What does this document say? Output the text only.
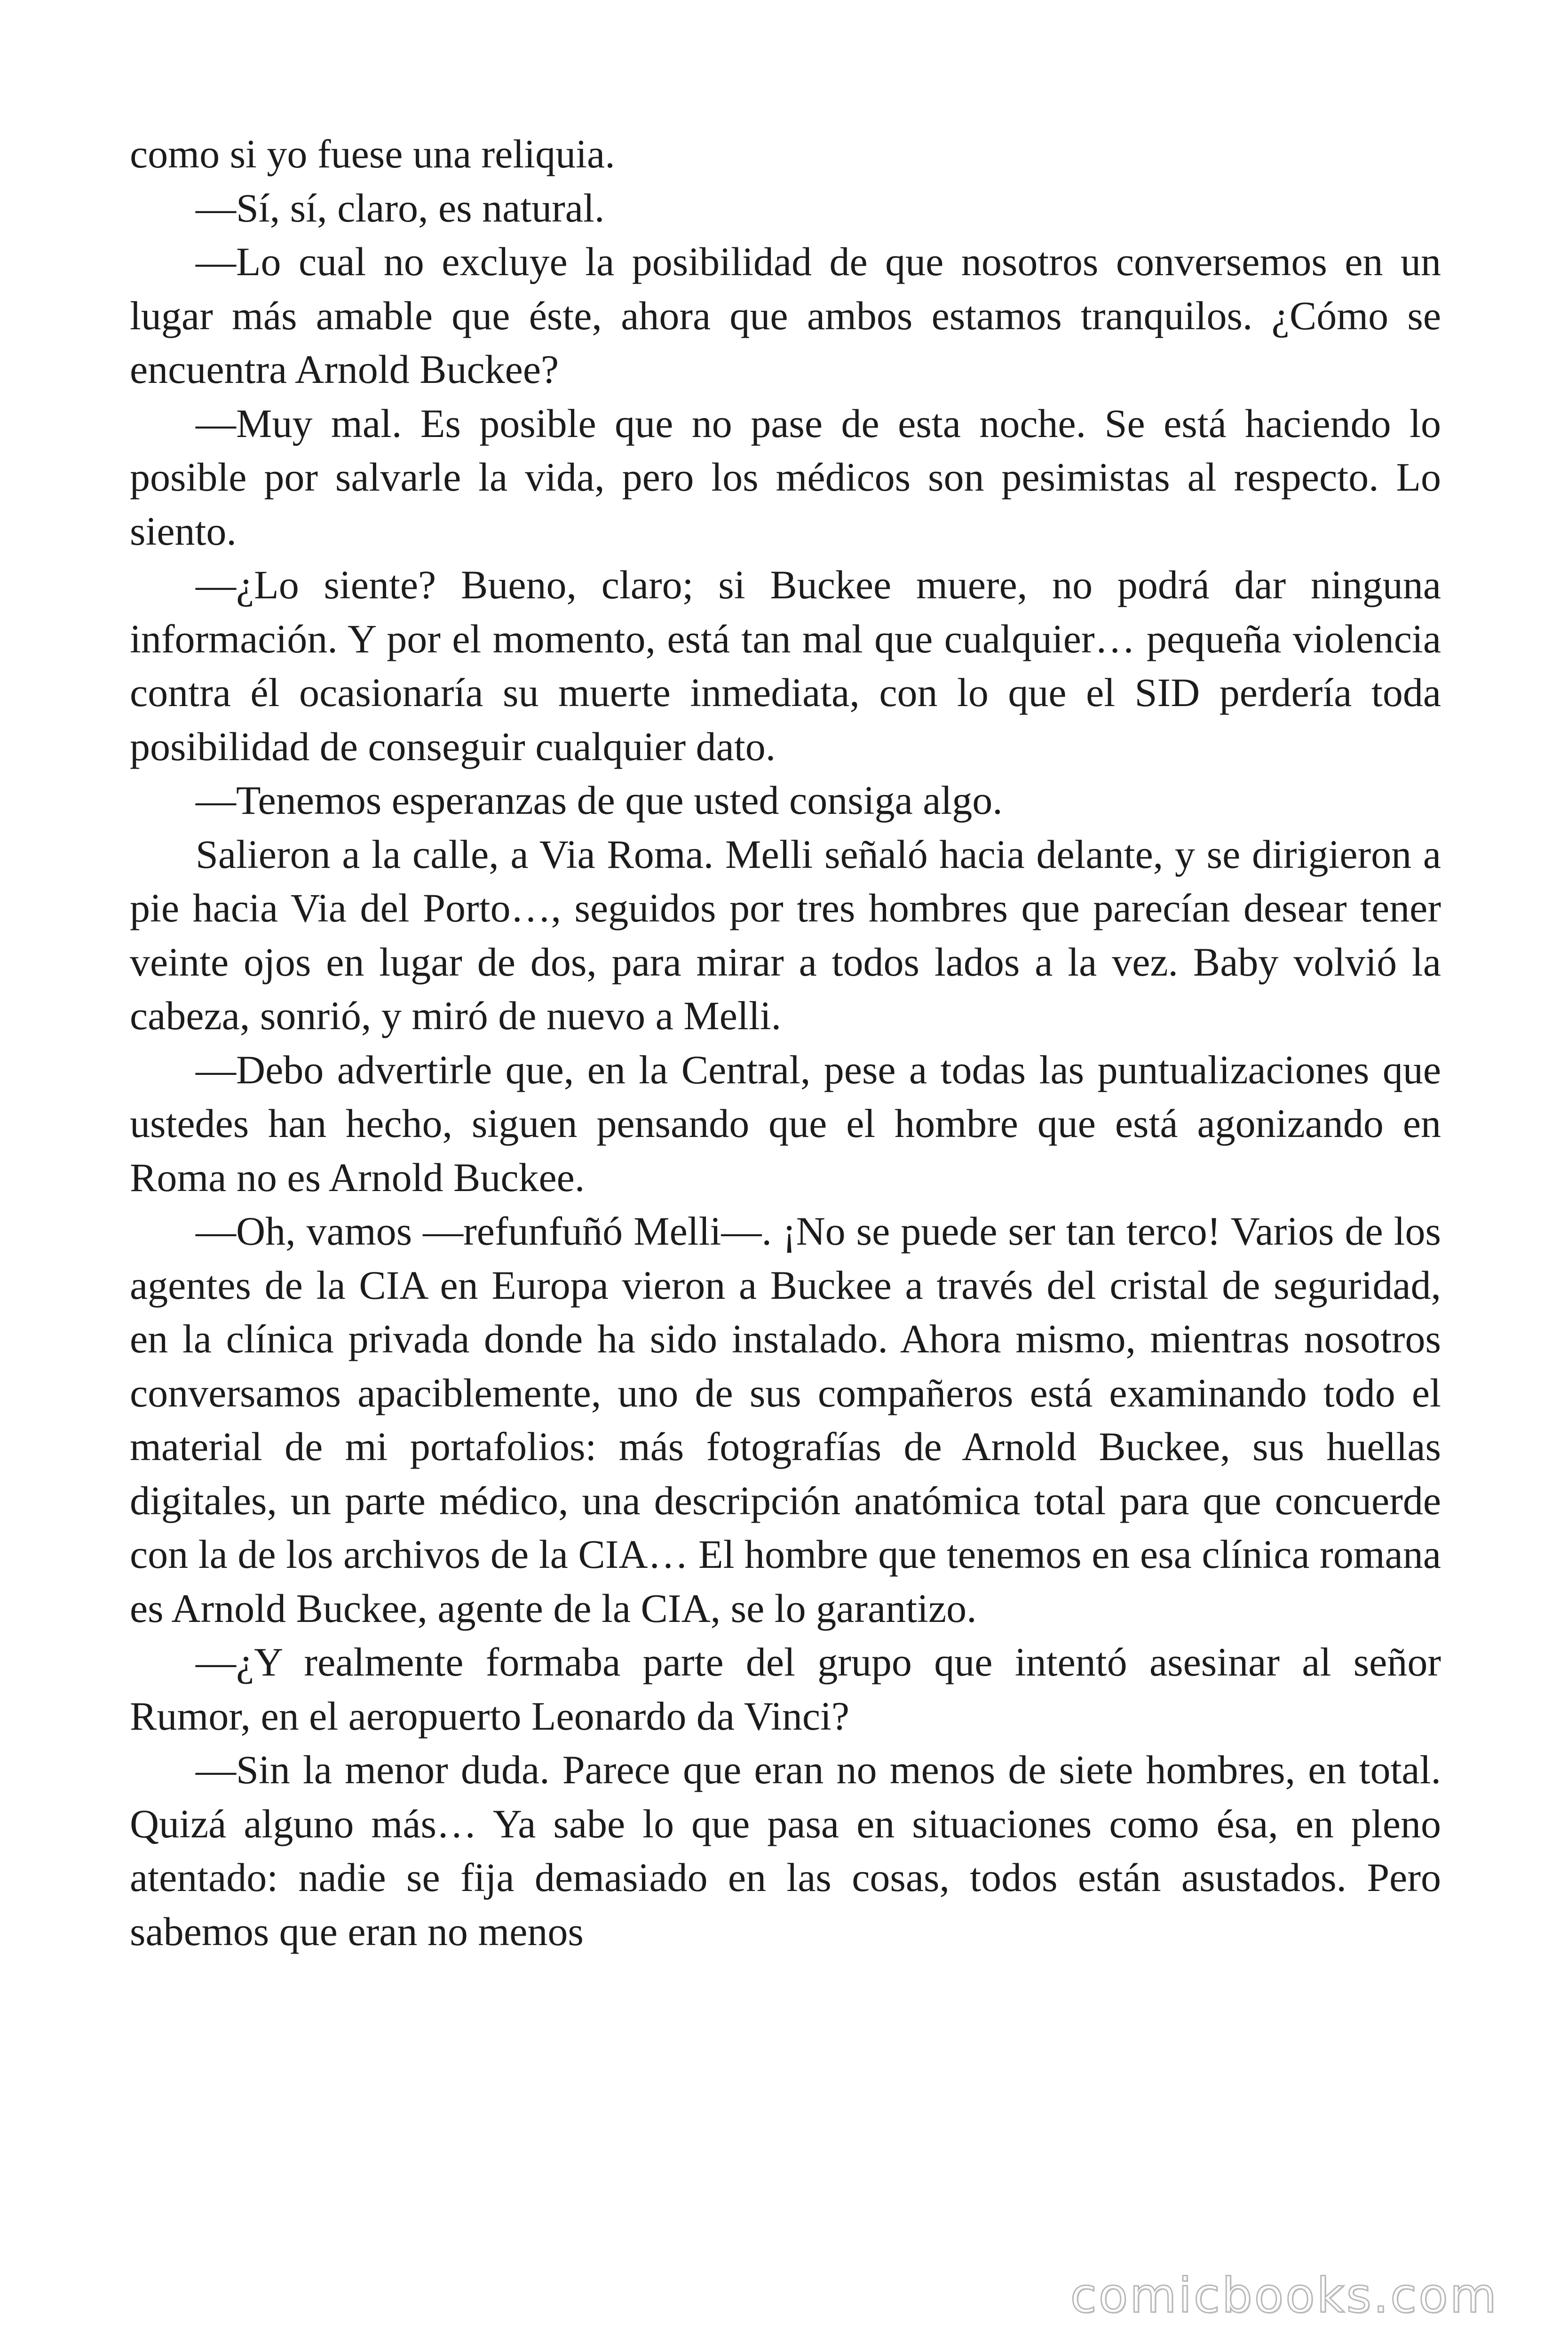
como si yo fuese una reliquia.

—Sí, sí, claro, es natural.

—Lo cual no excluye la posibilidad de que nosotros conversemos en un lugar más amable que éste, ahora que ambos estamos tranquilos. ¿Cómo se encuentra Arnold Buckee?

—Muy mal. Es posible que no pase de esta noche. Se está haciendo lo posible por salvarle la vida, pero los médicos son pesimistas al respecto. Lo siento.

—¿Lo siente? Bueno, claro; si Buckee muere, no podrá dar ninguna información. Y por el momento, está tan mal que cualquier… pequeña violencia contra él ocasionaría su muerte inmediata, con lo que el SID perdería toda posibilidad de conseguir cualquier dato.

—Tenemos esperanzas de que usted consiga algo.

Salieron a la calle, a Via Roma. Melli señaló hacia delante, y se dirigieron a pie hacia Via del Porto…, seguidos por tres hombres que parecían desear tener veinte ojos en lugar de dos, para mirar a todos lados a la vez. Baby volvió la cabeza, sonrió, y miró de nuevo a Melli.

—Debo advertirle que, en la Central, pese a todas las puntualizaciones que ustedes han hecho, siguen pensando que el hombre que está agonizando en Roma no es Arnold Buckee.

—Oh, vamos —refunfuñó Melli—. ¡No se puede ser tan terco! Varios de los agentes de la CIA en Europa vieron a Buckee a través del cristal de seguridad, en la clínica privada donde ha sido instalado. Ahora mismo, mientras nosotros conversamos apaciblemente, uno de sus compañeros está examinando todo el material de mi portafolios: más fotografías de Arnold Buckee, sus huellas digitales, un parte médico, una descripción anatómica total para que concuerde con la de los archivos de la CIA… El hombre que tenemos en esa clínica romana es Arnold Buckee, agente de la CIA, se lo garantizo.

—¿Y realmente formaba parte del grupo que intentó asesinar al señor Rumor, en el aeropuerto Leonardo da Vinci?

—Sin la menor duda. Parece que eran no menos de siete hombres, en total. Quizá alguno más… Ya sabe lo que pasa en situaciones como ésa, en pleno atentado: nadie se fija demasiado en las cosas, todos están asustados. Pero sabemos que eran no menos

comicbooks.com
